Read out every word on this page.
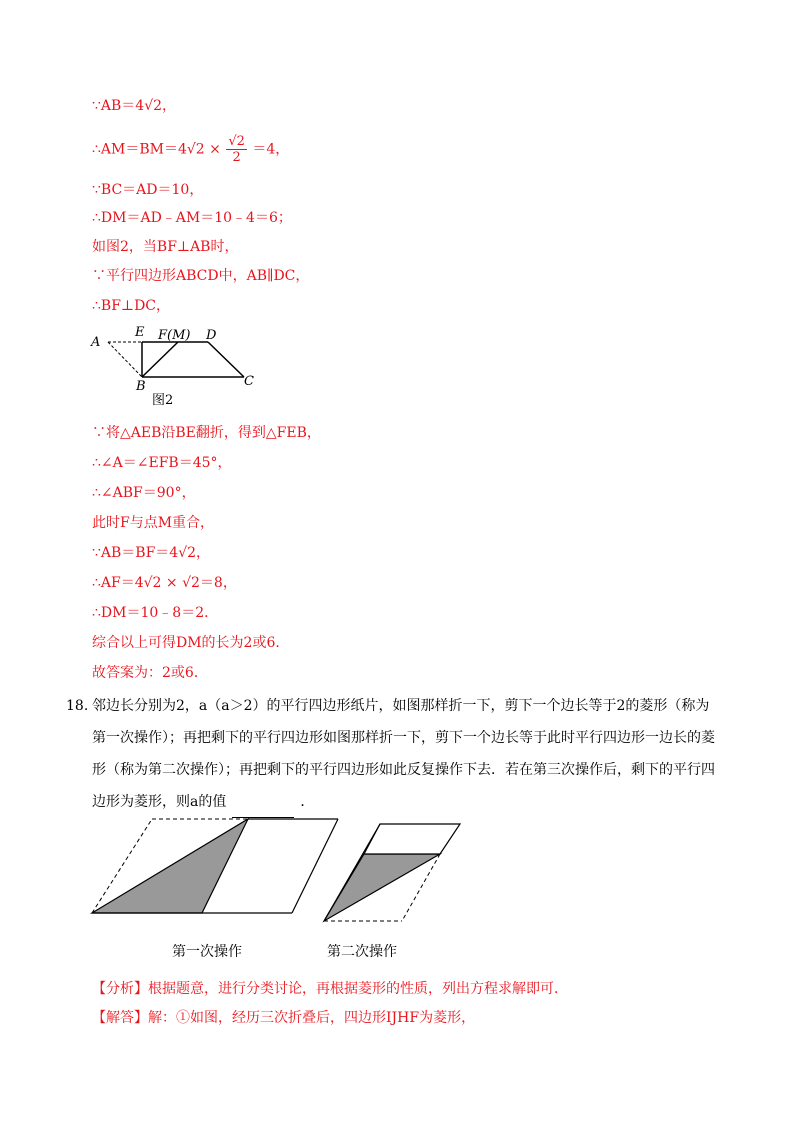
∵AB＝4√2，
∴AM＝BM＝4√2 × $\frac{√2}{2} =4$，
∵BC＝AD＝10，
∴DM＝AD﹣AM＝10﹣4＝6；
如图2，当BF⊥AB时，
∵平行四边形ABCD中，AB∥DC，
∴BF⊥DC，
A
E F(M) D
B	C
图2
∵将△AEB沿BE翻折，得到△FEB，
∴∠A＝∠EFB＝45°，
∴∠ABF＝90°，
此时F与点M重合，
∵AB＝BF＝4√2，
∴AF＝4√2 × √2＝8，
∴DM＝10﹣8＝2．
综合以上可得DM的长为2或6．
故答案为：2或6．
18. 邻边长分别为2，a（a＞2）的平行四边形纸片，如图那样折一下，剪下一个边长等于2的菱形（称为
第一次操作）；再把剩下的平行四边形如图那样折一下，剪下一个边长等于此时平行四边形一边长的菱
形（称为第二次操作）；再把剩下的平行四边形如此反复操作下去．若在第三次操作后，剩下的平行四
边形为菱形，则a的值	．
第一次操作	第二次操作
【分析】根据题意，进行分类讨论，再根据菱形的性质，列出方程求解即可．
【解答】解：①如图，经历三次折叠后，四边形IJHF为菱形，
